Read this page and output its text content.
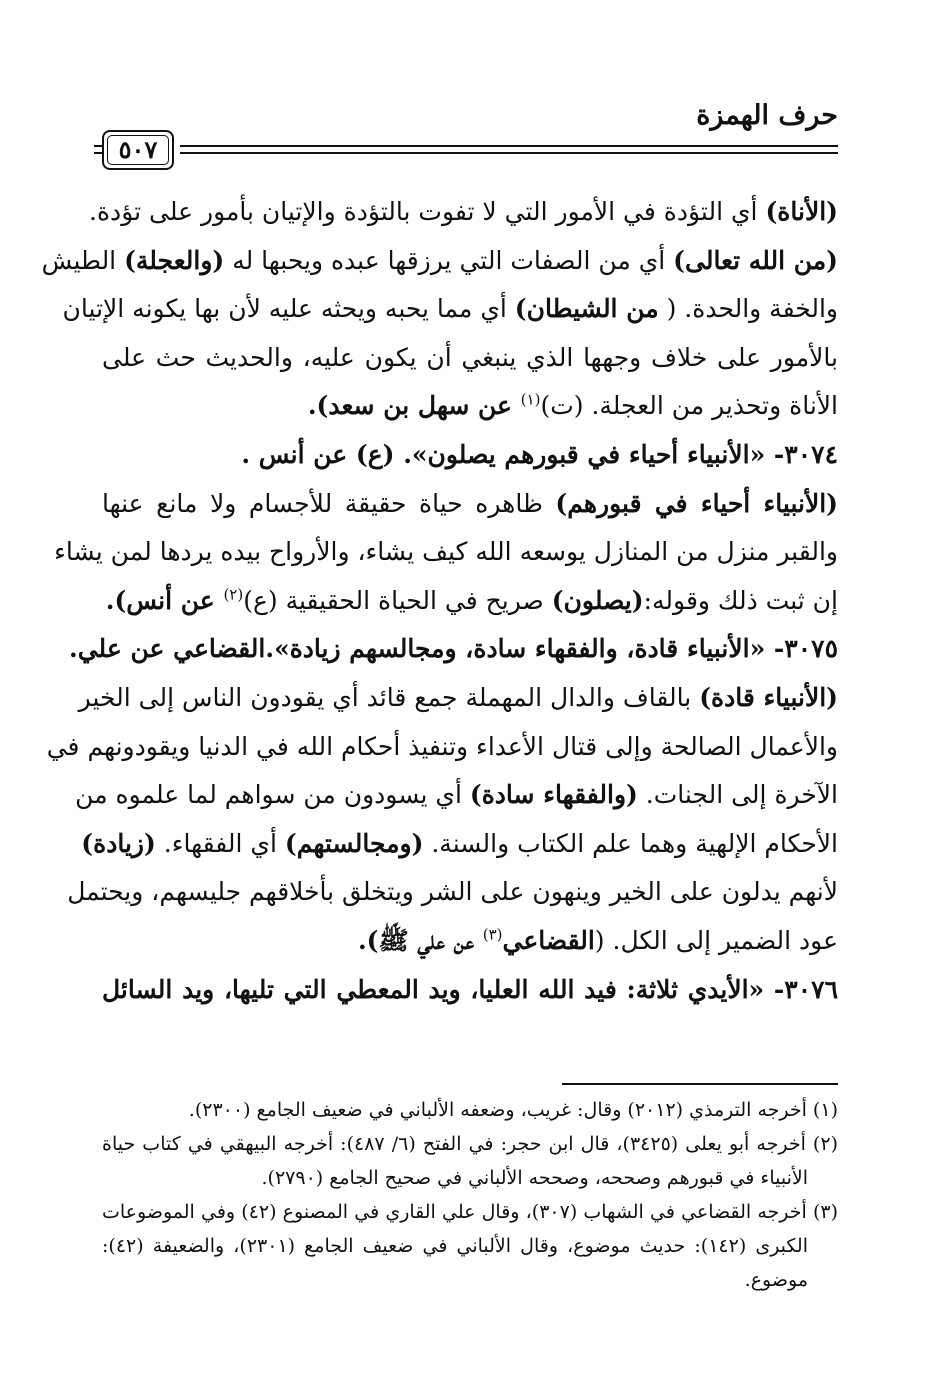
حرف الهمزة
٥٠٧

(الأناة) أي التؤدة في الأمور التي لا تفوت بالتؤدة والإتيان بأمور على تؤدة.
(من الله تعالى) أي من الصفات التي يرزقها عبده ويحبها له (والعجلة) الطيش
والخفة والحدة. ( من الشيطان) أي مما يحبه ويحثه عليه لأن بها يكونه الإتيان
بالأمور على خلاف وجهها الذي ينبغي أن يكون عليه، والحديث حث على
الأناة وتحذير من العجلة. (ت)$^{(١)}$ عن سهل بن سعد).

٣٠٧٤- «الأنبياء أحياء في قبورهم يصلون». (ع) عن أنس .

(الأنبياء أحياء في قبورهم) ظاهره حياة حقيقة للأجسام ولا مانع عنها
والقبر منزل من المنازل يوسعه الله كيف يشاء، والأرواح بيده يردها لمن يشاء
إن ثبت ذلك وقوله:(يصلون) صريح في الحياة الحقيقية (ع)$^{(٢)}$ عن أنس).

٣٠٧٥- «الأنبياء قادة، والفقهاء سادة، ومجالسهم زيادة».القضاعي عن علي.

(الأنبياء قادة) بالقاف والدال المهملة جمع قائد أي يقودون الناس إلى الخير
والأعمال الصالحة وإلى قتال الأعداء وتنفيذ أحكام الله في الدنيا ويقودونهم في
الآخرة إلى الجنات. (والفقهاء سادة) أي يسودون من سواهم لما علموه من
الأحكام الإلهية وهما علم الكتاب والسنة. (ومجالستهم) أي الفقهاء. (زيادة)
لأنهم يدلون على الخير وينهون على الشر ويتخلق بأخلاقهم جليسهم، ويحتمل
عود الضمير إلى الكل. (القضاعي$^{(٣)}$ عن علي ﷺ).

٣٠٧٦- «الأيدي ثلاثة: فيد الله العليا، ويد المعطي التي تليها، ويد السائل

(١) أخرجه الترمذي (٢٠١٢) وقال: غريب، وضعفه الألباني في ضعيف الجامع (٢٣٠٠).

(٢) أخرجه أبو يعلى (٣٤٢٥)، قال ابن حجر: في الفتح (٦/ ٤٨٧): أخرجه البيهقي في كتاب حياة
الأنبياء في قبورهم وصححه، وصححه الألباني في صحيح الجامع (٢٧٩٠).

(٣) أخرجه القضاعي في الشهاب (٣٠٧)، وقال علي القاري في المصنوع (٤٢) وفي الموضوعات
الكبرى (١٤٢): حديث موضوع، وقال الألباني في ضعيف الجامع (٢٣٠١)، والضعيفة (٤٢):
موضوع.
